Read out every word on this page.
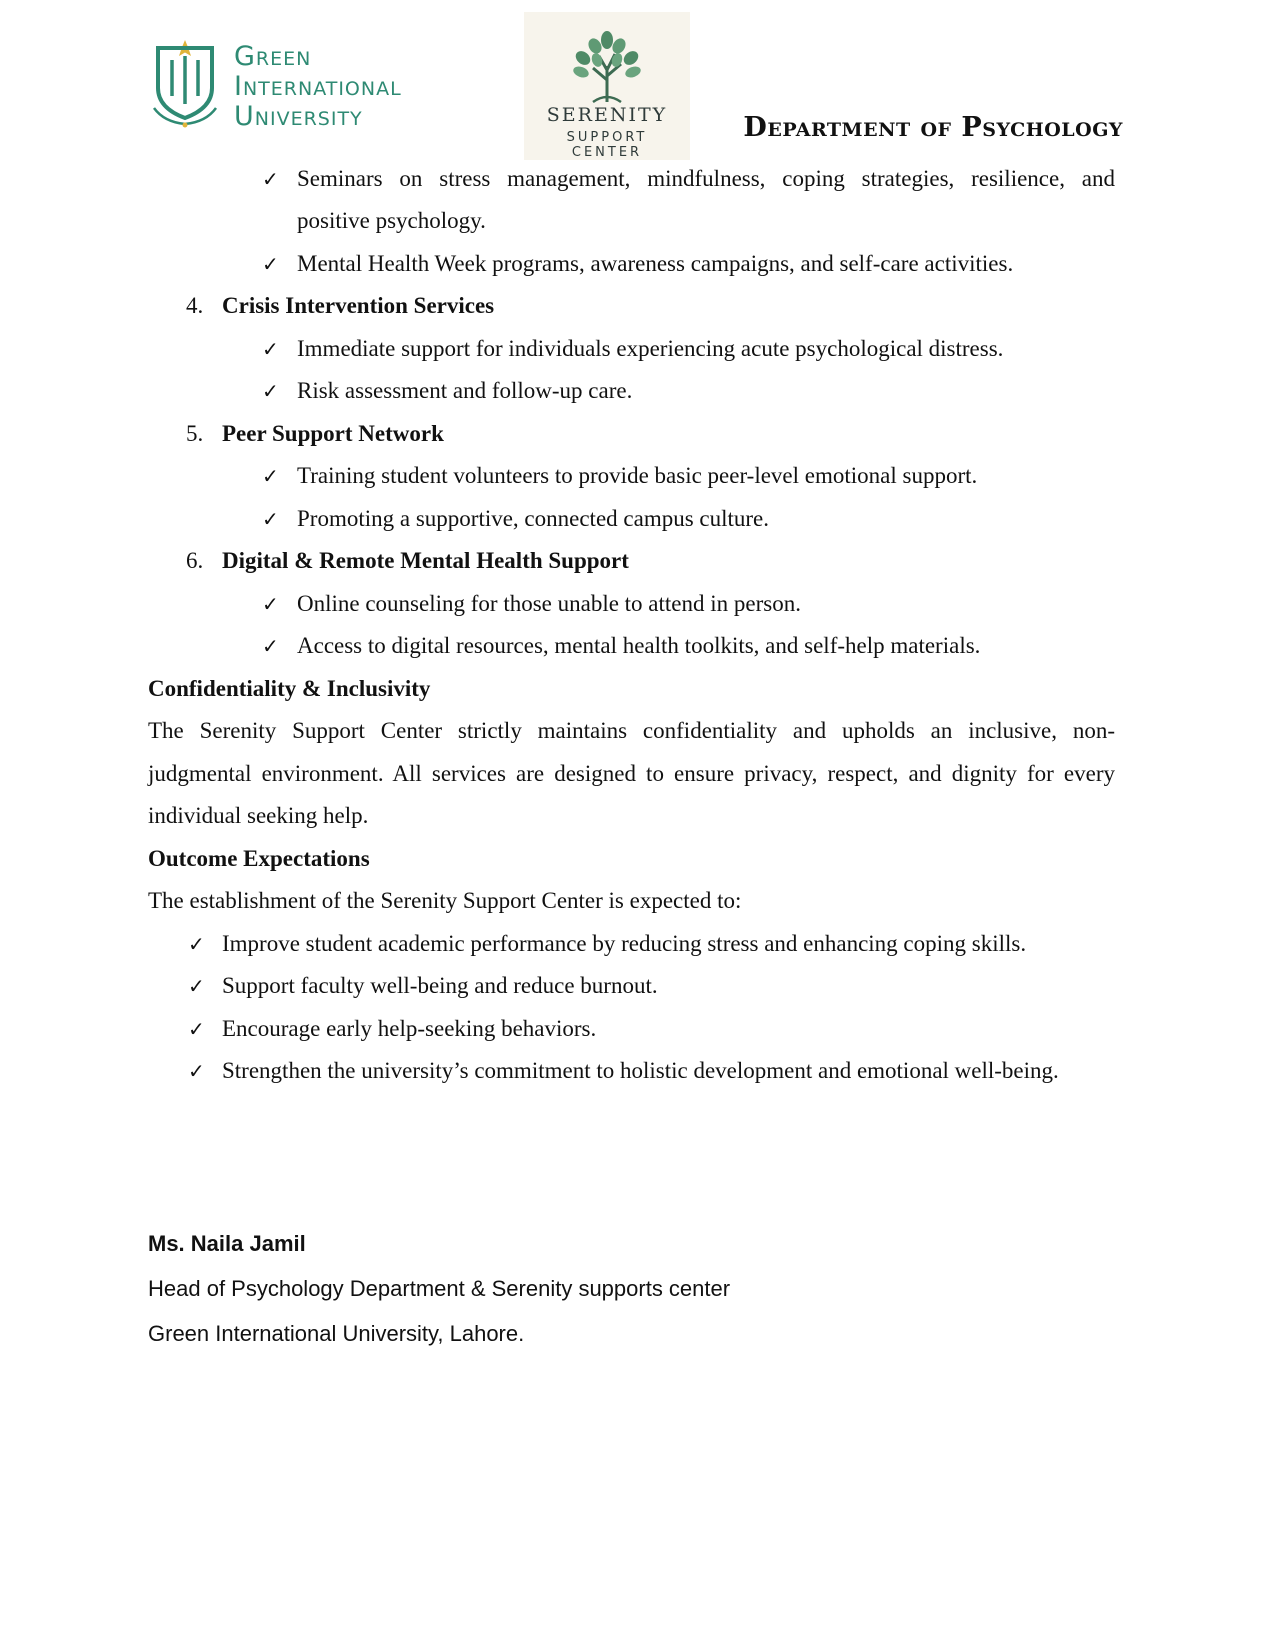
Green
International
University	SERENITY
SUPPORT
CENTER
Department of Psychology
✓ Seminars on stress management, mindfulness, coping strategies, resilience, and
positive psychology.
✓ Mental Health Week programs, awareness campaigns, and self-care activities.
4. Crisis Intervention Services
✓ Immediate support for individuals experiencing acute psychological distress.
✓ Risk assessment and follow-up care.
5. Peer Support Network
✓ Training student volunteers to provide basic peer-level emotional support.
✓ Promoting a supportive, connected campus culture.
6. Digital & Remote Mental Health Support
✓ Online counseling for those unable to attend in person.
✓ Access to digital resources, mental health toolkits, and self-help materials.
Confidentiality & Inclusivity
The Serenity Support Center strictly maintains confidentiality and upholds an inclusive, non-
judgmental environment. All services are designed to ensure privacy, respect, and dignity for every
individual seeking help.
Outcome Expectations
The establishment of the Serenity Support Center is expected to:
✓ Improve student academic performance by reducing stress and enhancing coping skills.
✓ Support faculty well-being and reduce burnout.
✓ Encourage early help-seeking behaviors.
✓ Strengthen the university’s commitment to holistic development and emotional well-being.
Ms. Naila Jamil
Head of Psychology Department & Serenity supports center
Green International University, Lahore.
